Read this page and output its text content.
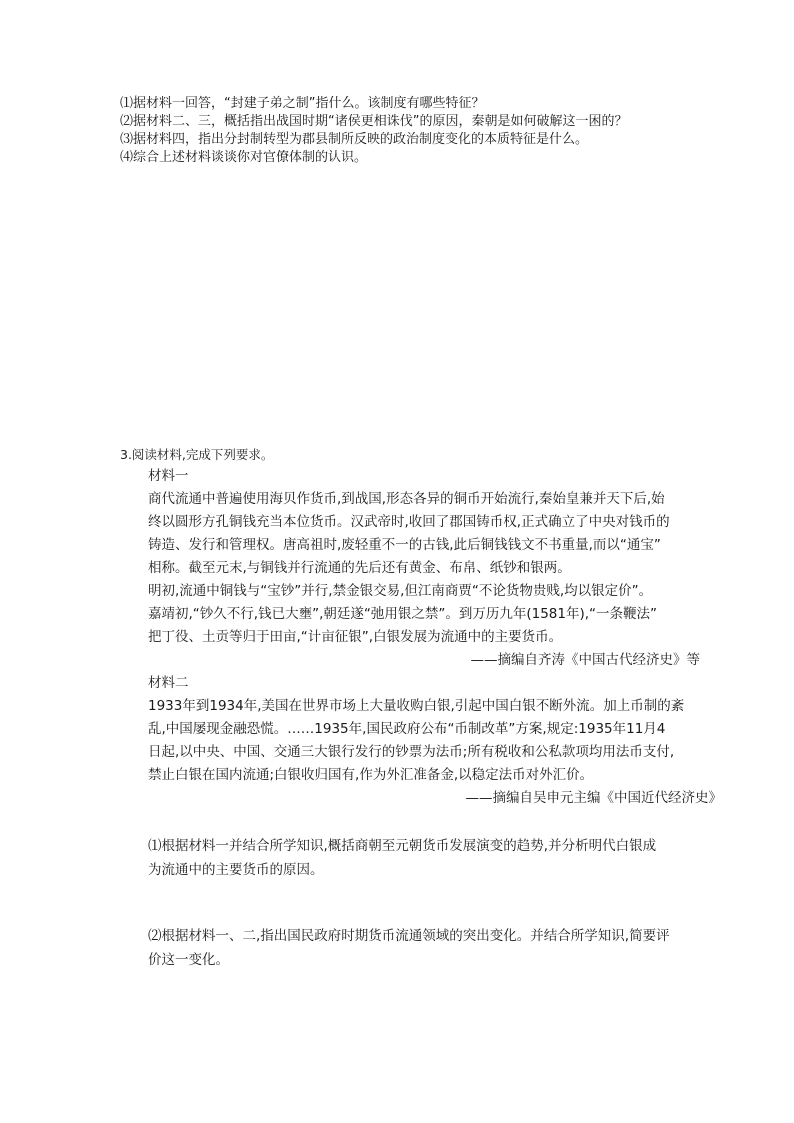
⑴据材料一回答，“封建子弟之制”指什么。该制度有哪些特征？
⑵据材料二、三，概括指出战国时期“诸侯更相诛伐”的原因，秦朝是如何破解这一困的？
⑶据材料四，指出分封制转型为郡县制所反映的政治制度变化的本质特征是什么。
⑷综合上述材料谈谈你对官僚体制的认识。
3.阅读材料,完成下列要求。
材料一
商代流通中普遍使用海贝作货币,到战国,形态各异的铜币开始流行,秦始皇兼并天下后,始
终以圆形方孔铜钱充当本位货币。汉武帝时,收回了郡国铸币权,正式确立了中央对钱币的
铸造、发行和管理权。唐高祖时,废轻重不一的古钱,此后铜钱钱文不书重量,而以“通宝”
相称。截至元末,与铜钱并行流通的先后还有黄金、布帛、纸钞和银两。
明初,流通中铜钱与“宝钞”并行,禁金银交易,但江南商贾“不论货物贵贱,均以银定价”。
嘉靖初,“钞久不行,钱已大壅”,朝廷遂“弛用银之禁”。到万历九年(1581年),“一条鞭法”
把丁役、土贡等归于田亩,“计亩征银”,白银发展为流通中的主要货币。
——摘编自齐涛《中国古代经济史》等
材料二
1933年到1934年,美国在世界市场上大量收购白银,引起中国白银不断外流。加上币制的紊
乱,中国屡现金融恐慌。……1935年,国民政府公布“币制改革”方案,规定:1935年11月4
日起,以中央、中国、交通三大银行发行的钞票为法币;所有税收和公私款项均用法币支付,
禁止白银在国内流通;白银收归国有,作为外汇准备金,以稳定法币对外汇价。
——摘编自吴申元主编《中国近代经济史》
⑴根据材料一并结合所学知识,概括商朝至元朝货币发展演变的趋势,并分析明代白银成
为流通中的主要货币的原因。
⑵根据材料一、二,指出国民政府时期货币流通领域的突出变化。并结合所学知识,简要评
价这一变化。
